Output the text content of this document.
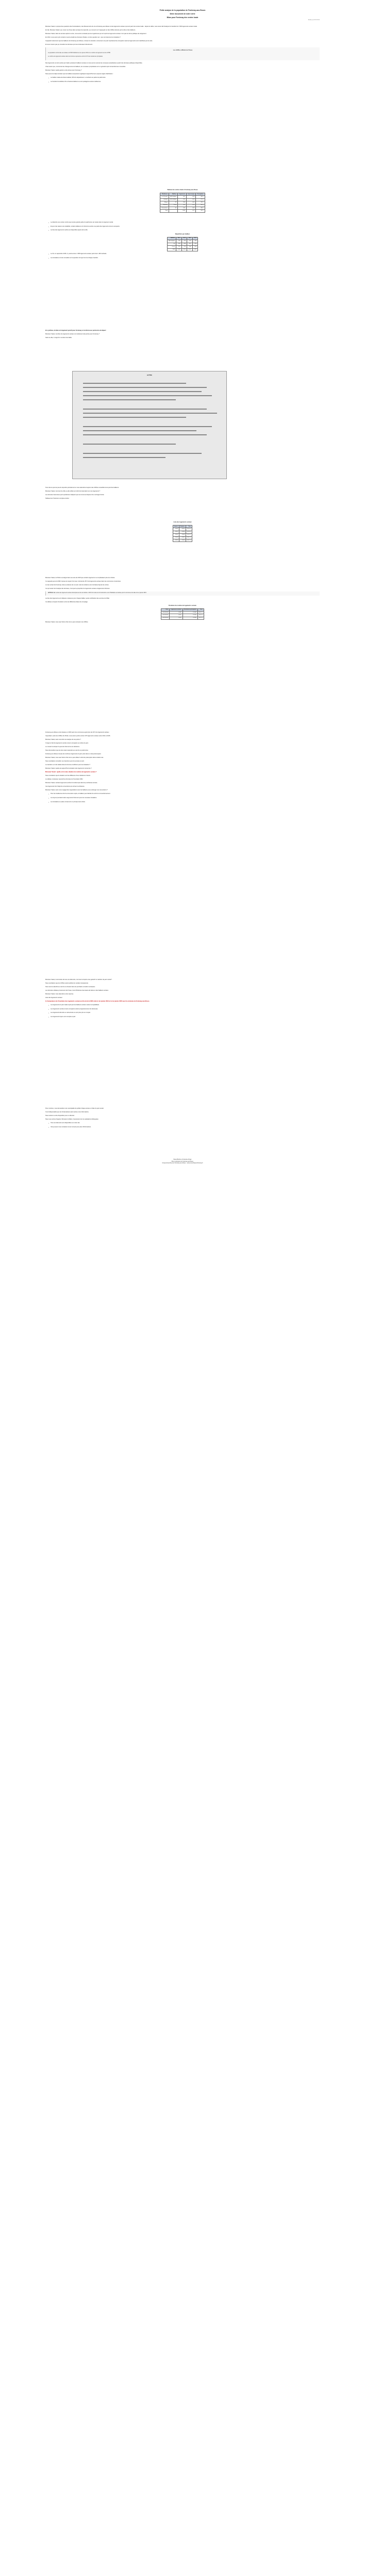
Petite analyse de la population de Fontenay-aux-Roses
6ème document de notre série
Bilan pour Fontenay des ventes Icade
Réf Accord 22/12/2016

Monsieur Vastel, à propos des questions des Fontenaisiens, des Mouvements de vie à Fontenay-aux-Roses et des logements sociaux qui sont parmi les ventes Icade : depuis le début, nous avons fait l'analyse du transfert de 1 500 logements sociaux Icade.

En fait, Monsieur Vastel a pu mener sa chose dans sa façon de répondre, au moment où il s'appuyait sur des chiffres donnés par la ville et des bailleurs...

Monsieur Vastel, dans les années après la vente, nous avons constaté que les organismes qui ont repris les logements sociaux n'ont pas la même politique de relogement.

En 2014, nous avons pris contact et avons étudié les données d'Icade, et notre question est : que sont devenus les locataires ?

Il apparaît notamment que les bailleurs de Fontenay-aux-Roses, à travers le transfert, conservent une part importante des occupants mais les logements sont réattribués par la suite.

Et nous n'avons pas pu consulter les données qui nous intéressent directement.

Les chiffres officiels de l'Insee

La population communale est évaluée à 23 681 habitants au 1er janvier 2013 et le nombre de logements est de 10 850.

Le nombre de logements sociaux dans la commune représente environ 43 % des résidences principales.

Des logements ont été vendus par Icade à plusieurs bailleurs sociaux et nous avons recensé les nouveaux propriétaires à partir des données publiques disponibles.

Il faut savoir que, concernant les changements de bailleurs, les nouveaux propriétaires ont en général repris l'ensemble des immeubles.

Monsieur Vastel, quelle gestion a été prévue pour Fontenay ?

Nous pouvons déjà constater que les bailleurs acquéreurs appliquent aujourd'hui leurs propres règles d'attribution :

• Le bailleur Hauts-de-Seine Habitat, OPH du département, a racheté une partie du patrimoine.
• La Société Immobilière 3F et d'autres bailleurs se sont partagé les autres résidences.
Tableau des ventes Icade à Fontenay-aux-Roses
Résidence	Bailleur	Logements	Loyer moyen	Occupation
Les Paradis	HDS Habitat	512	6,20	98 %
Scarron	HDS Habitat	220	6,05	97 %
Blagis	3F	318	6,40	99 %
Sorrières	Osica	210	6,10	96 %
Pervenches	3F	140	6,35	98 %
Total		1 400	6,22	98 %
• Le détail de ces ventes montre que la plus grande partie du patrimoine est restée dans le logement social.
• Et pour des raisons de rentabilité, certains bailleurs ont choisi de vendre une partie des logements à leurs occupants.
• La liste des logements vendus est disponible auprès de la ville.
Répartition par bailleur
Bailleur	2012	2013	2014	2015
HDS Habitat	732	732	731	730
3F	458	458	457	456
Osica	210	210	209	209
Total	1 400	1 400	1 397	1 395
• Le 30, en septembre 2015, il y avait encore 1 395 logements sociaux parmi les 1 400 rachetés.
• Les locataires ont été consultés sur la question du loyer lors de chaque transfert.

En synthèse, le bilan est largement positif pour Fontenay et conforme aux prévisions de départ.

Monsieur Vastel, combien de logements sociaux ont réellement été perdus pour Fontenay ?

Selon la ville, il s'agit d'un nombre très faible.

LETTRE

Tout cela ne permet pas de répondre précisément et nous attendons toujours des chiffres consolidés de la part des bailleurs.

Monsieur Vastel, comment la ville a-t-elle utilisé son droit de réservation sur ces logements ?

Les données transmises par la préfecture indiquent que la commune dispose d'un contingent limité.

Tableau des 5 derniers comptes-rendus :

Liste des logements sociaux
Année	Nombre	Part
2011	4 612	42,6 %
2012	4 630	42,8 %
2013	4 648	43,0 %
2014	4 651	43,1 %
2015	4 655	43,1 %

Monsieur Vastel, le Préfet a souligné dans ses avis de 2015 que certains logements ne remplissaient plus les critères.

Il a rappelé que la loi SRU impose le respect d'un taux minimal de 25 % de logements sociaux dans les communes concernées.

Le taux actuel de Fontenay reste au-dessus de ce seuil, mais la tendance est à la baisse depuis les ventes.

Ce qui ressort de l'analyse des données, c'est que la proportion de logements sociaux a légèrement diminué.

ARTICLE 1er La liste des logements sociaux décomptés au titre de l'article L.302-5 du Code de la Construction et de l'Habitation est arrêtée pour la commune à la date du 1er janvier 2015.

La liste des logements est indiquée ci-dessous pour chaque bailleur, après vérification des services de l'État.

Ce tableau compare l'évolution entre les différentes dates de comptage.

Évolution du nombre de logements sociaux
Date	Logements sociaux	Résidences principales	Taux
01/01/2013	4 648	10 800	43,0 %
01/01/2014	4 651	10 820	43,0 %
01/01/2015	4 655	10 850	42,9 %

Monsieur Vastel, vous avez fait le choix de ne pas contester ces chiffres.

Fontenay-aux-Roses a été classée en 2015 parmi les communes ayant plus de 40 % de logements sociaux.

Cependant, selon les chiffres du Préfet, nous avons perdu environ 270 logements sociaux entre 2011 et 2015.

Monsieur Vastel, avez-vous fait une analyse de ces pertes ?

Il s'agit en fait de logements vendus à leurs occupants ou retirés du parc.

Le conseil municipal n'a pas été informé de ces décisions.

Nous demandons que les élus soient associés au suivi de ce patrimoine.

Fontenay-aux-Roses compte de nombreux logements du parc privé dans un état préoccupant.

Monsieur Vastel, vous avez fait le choix de ne pas utiliser le droit de préemption dans certains cas.

Nous souhaitons connaître vos intentions pour les années à venir.

Le transfert a-t-il été réalisé dans de bonnes conditions pour les locataires ?

Monsieur Vastel, quelle est aujourd'hui la situation des logements concernés ?

Monsieur Vastel : quelle est la vraie situation du nombre de logements sociaux ?

Nous constatons que la situation est très différente d'une résidence à l'autre.

Le tableau ci-dessous reprend les données de l'inventaire SRU.

Monsieur Vastel, certains logements sortiront du décompte dans les prochaines années.

Ces logements font l'objet de conventions qui arrivent à échéance.

Monsieur Vastel, avez-vous engagé des négociations avec les bailleurs pour prolonger ces conventions ?

• Pour les résidences dont la convention expire, le bailleur peut décider de sortir du conventionnement.
• Les loyers pourraient alors augmenter fortement pour les nouveaux locataires.
• Les locataires en place conservent en principe leurs droits.

Monsieur Vastel, à la lumière de tous ces éléments, comment comptez-vous garantir le maintien du parc social ?

Nous souhaitons que les chiffres soient publiés de manière transparente.

Nous serons attentifs au suivi de ce dossier dans les prochains conseils municipaux.

Les données utilisées proviennent de l'Insee, de la Préfecture des Hauts-de-Seine et des bailleurs sociaux.

Monsieur Vastel, nous attendons votre réponse.

Liste des logements sociaux :

1) Comparaison de l'inventaire des logements sociaux au titre de la loi SRU entre le 1er janvier 2013 et le 1er janvier 2015 pour la commune de Fontenay-aux-Roses.

• Les logements du parc Icade repris par les bailleurs sociaux restent comptabilisés.
• Les logements vendus à leurs occupants sortent progressivement du décompte.
• Les logements démolis ou restructurés ne sont plus pris en compte.
• Les logements foyers sont comptés à part.

Pour conclure, nous demandons à la municipalité de publier chaque année un bilan du parc social.

Il est indispensable que les Fontenaisiens aient accès à ces informations.

Nous restons à votre disposition pour en discuter.

Nous vous prions d'agréer, Monsieur le Maire, l'expression de nos salutations distinguées.

• Tous ces éléments sont disponibles sur notre site.
• Vous pouvez nous contacter à tout moment pour plus d'informations.
Pascal Buchet et Françoise Zinger
Élus municipaux de Fontenay-aux-Roses
Groupe Ensemble pour Fontenay-aux-Roses – www.ensemblepourfontenay.fr
